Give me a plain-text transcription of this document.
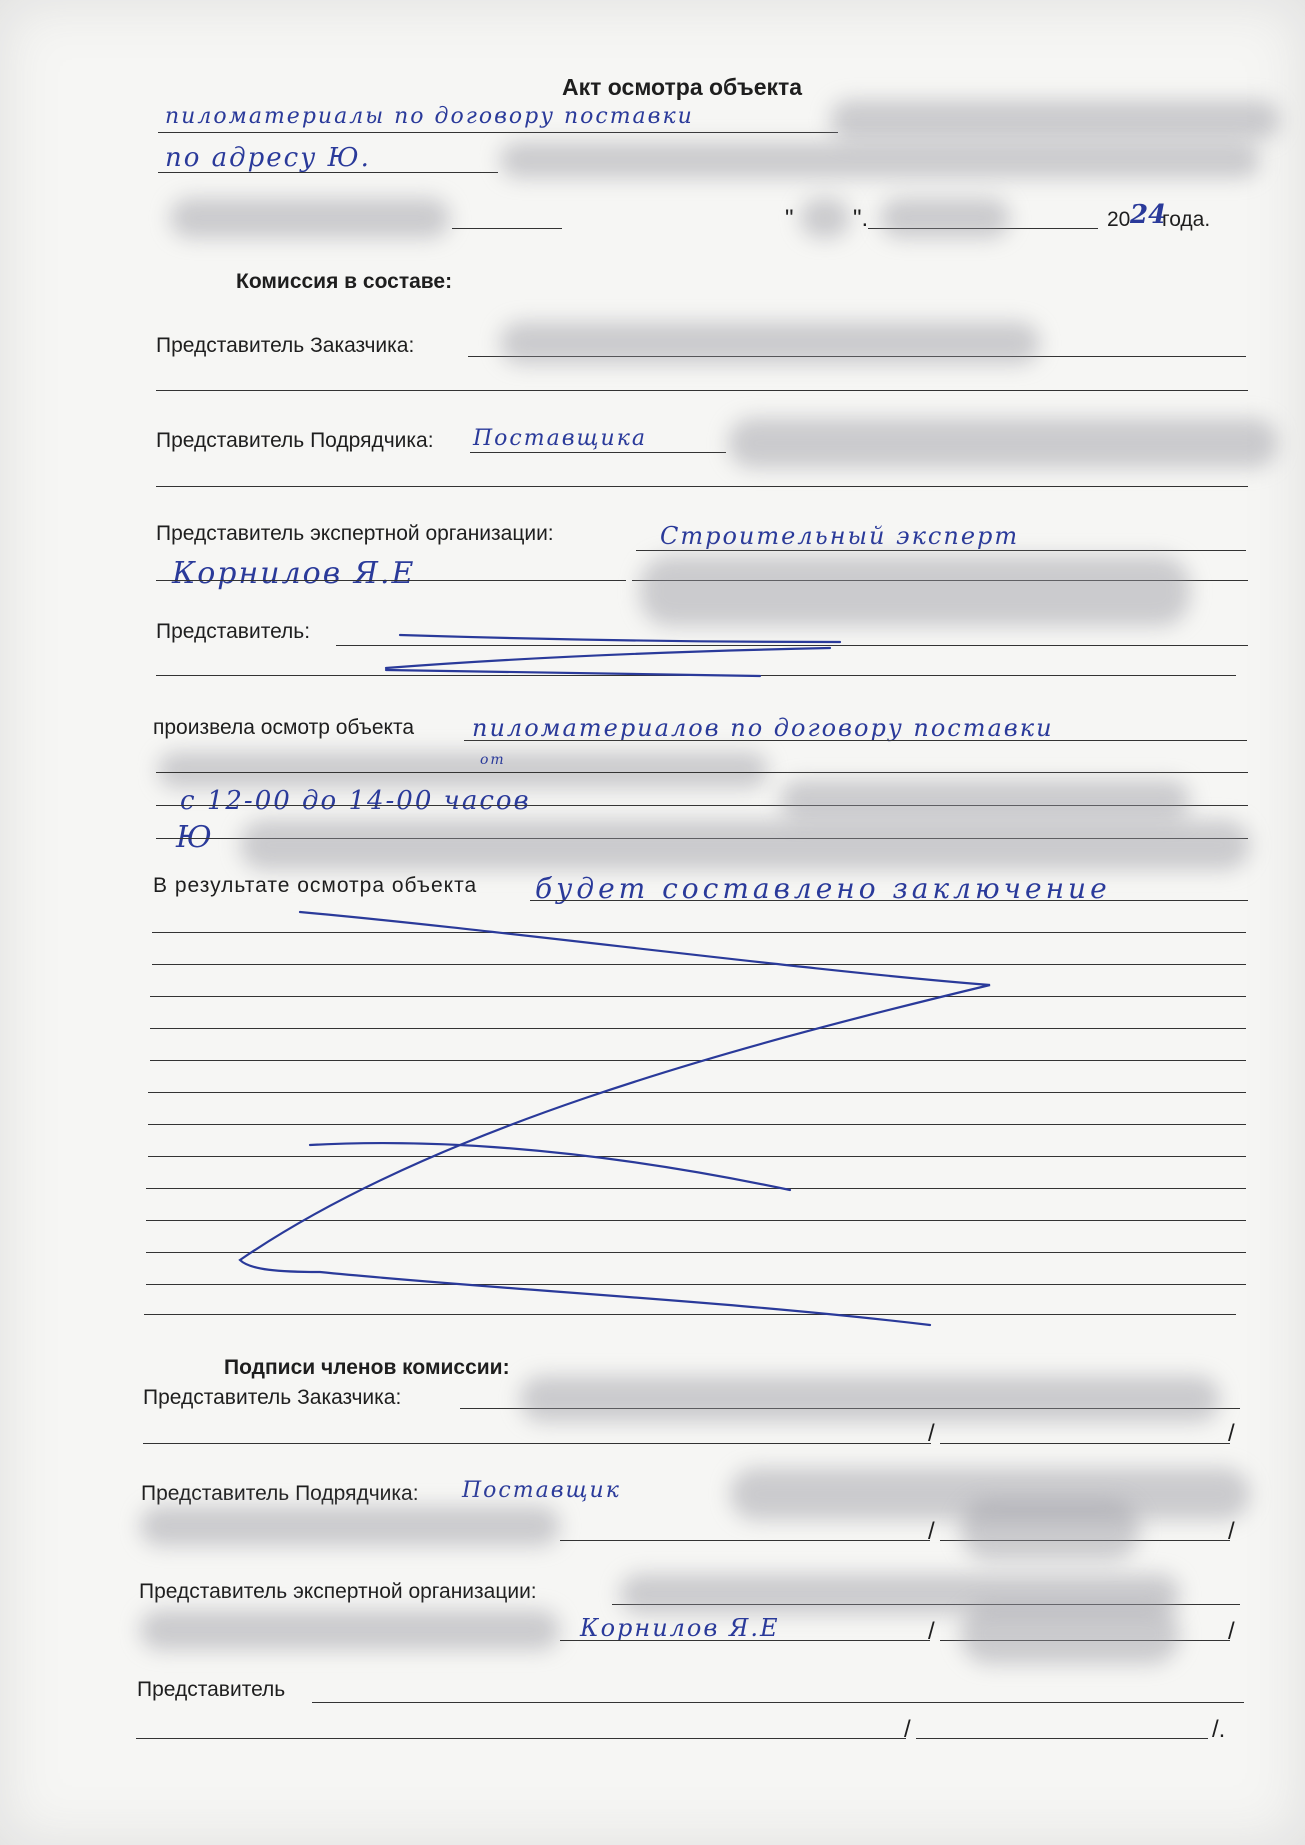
Акт осмотра объекта
пиломатериалы по договору поставки
по адресу Ю.
" ".	20 24
года.
Комиссия в составе:
Представитель Заказчика:
Представитель Подрядчика: Поставщика
Представитель экспертной организации:	Строительный эксперт
Корнилов Я.Е
Представитель:
произвела осмотр объекта пиломатериалов по договору поставки
от
с 12-00 до 14-00 часов
Ю
В результате осмотра объекта будет составлено заключение
Подписи членов комиссии:
Представитель Заказчика:
/	/
Представитель Подрядчика: Поставщик
/	/
Представитель экспертной организации:
Корнилов Я.Е	/	/
Представитель
/	/.
